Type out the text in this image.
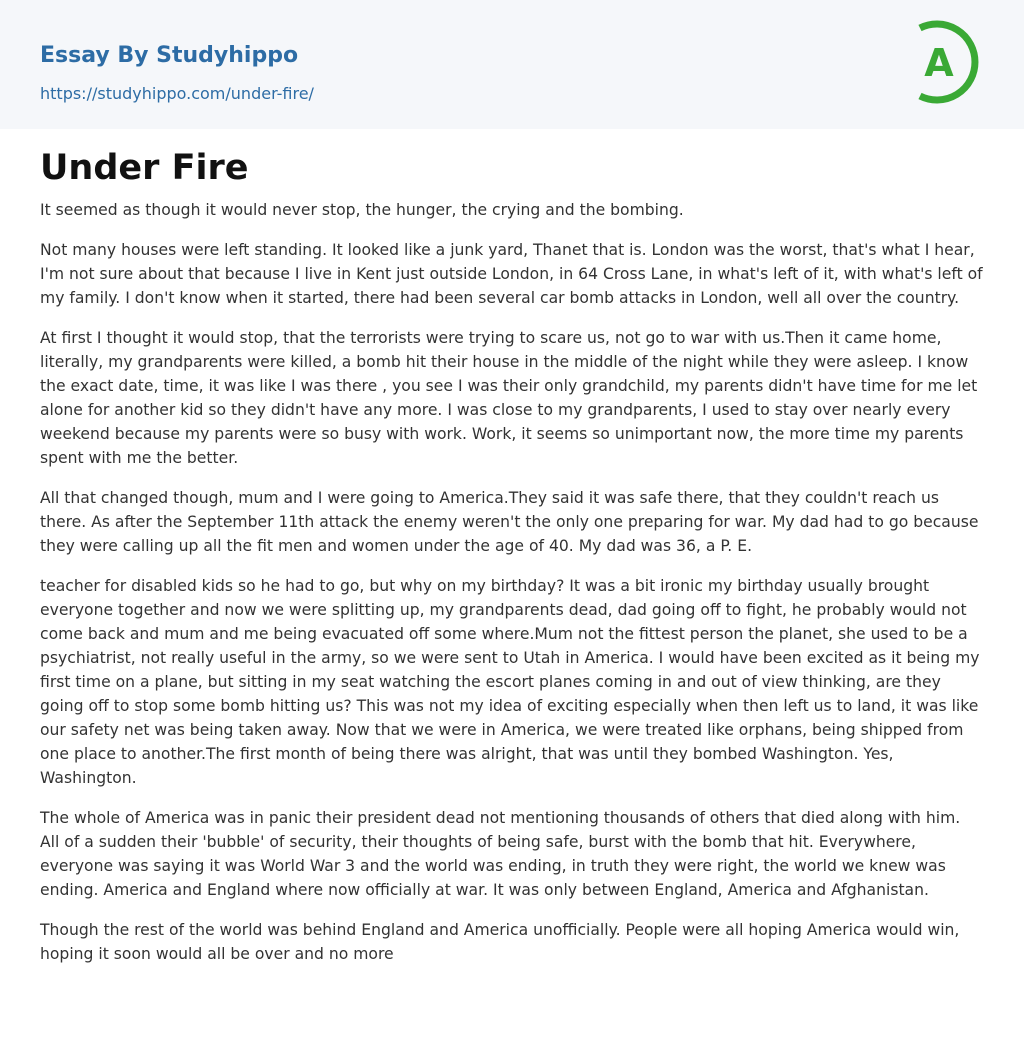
Essay By Studyhippo
https://studyhippo.com/under-fire/
A
Under Fire

It seemed as though it would never stop, the hunger, the crying and the bombing.

Not many houses were left standing. It looked like a junk yard, Thanet that is. London was the worst, that's what I hear, I'm not sure about that because I live in Kent just outside London, in 64 Cross Lane, in what's left of it, with what's left of my family. I don't know when it started, there had been several car bomb attacks in London, well all over the country.

At first I thought it would stop, that the terrorists were trying to scare us, not go to war with us.Then it came home, literally, my grandparents were killed, a bomb hit their house in the middle of the night while they were asleep. I know the exact date, time, it was like I was there , you see I was their only grandchild, my parents didn't have time for me let alone for another kid so they didn't have any more. I was close to my grandparents, I used to stay over nearly every weekend because my parents were so busy with work. Work, it seems so unimportant now, the more time my parents spent with me the better.

All that changed though, mum and I were going to America.They said it was safe there, that they couldn't reach us there. As after the September 11th attack the enemy weren't the only one preparing for war. My dad had to go because they were calling up all the fit men and women under the age of 40. My dad was 36, a P. E.

teacher for disabled kids so he had to go, but why on my birthday? It was a bit ironic my birthday usually brought everyone together and now we were splitting up, my grandparents dead, dad going off to fight, he probably would not come back and mum and me being evacuated off some where.Mum not the fittest person the planet, she used to be a psychiatrist, not really useful in the army, so we were sent to Utah in America. I would have been excited as it being my first time on a plane, but sitting in my seat watching the escort planes coming in and out of view thinking, are they going off to stop some bomb hitting us? This was not my idea of exciting especially when then left us to land, it was like our safety net was being taken away. Now that we were in America, we were treated like orphans, being shipped from one place to another.The first month of being there was alright, that was until they bombed Washington. Yes, Washington.

The whole of America was in panic their president dead not mentioning thousands of others that died along with him. All of a sudden their 'bubble' of security, their thoughts of being safe, burst with the bomb that hit. Everywhere, everyone was saying it was World War 3 and the world was ending, in truth they were right, the world we knew was ending. America and England where now officially at war. It was only between England, America and Afghanistan.

Though the rest of the world was behind England and America unofficially. People were all hoping America would win, hoping it soon would all be over and no more
